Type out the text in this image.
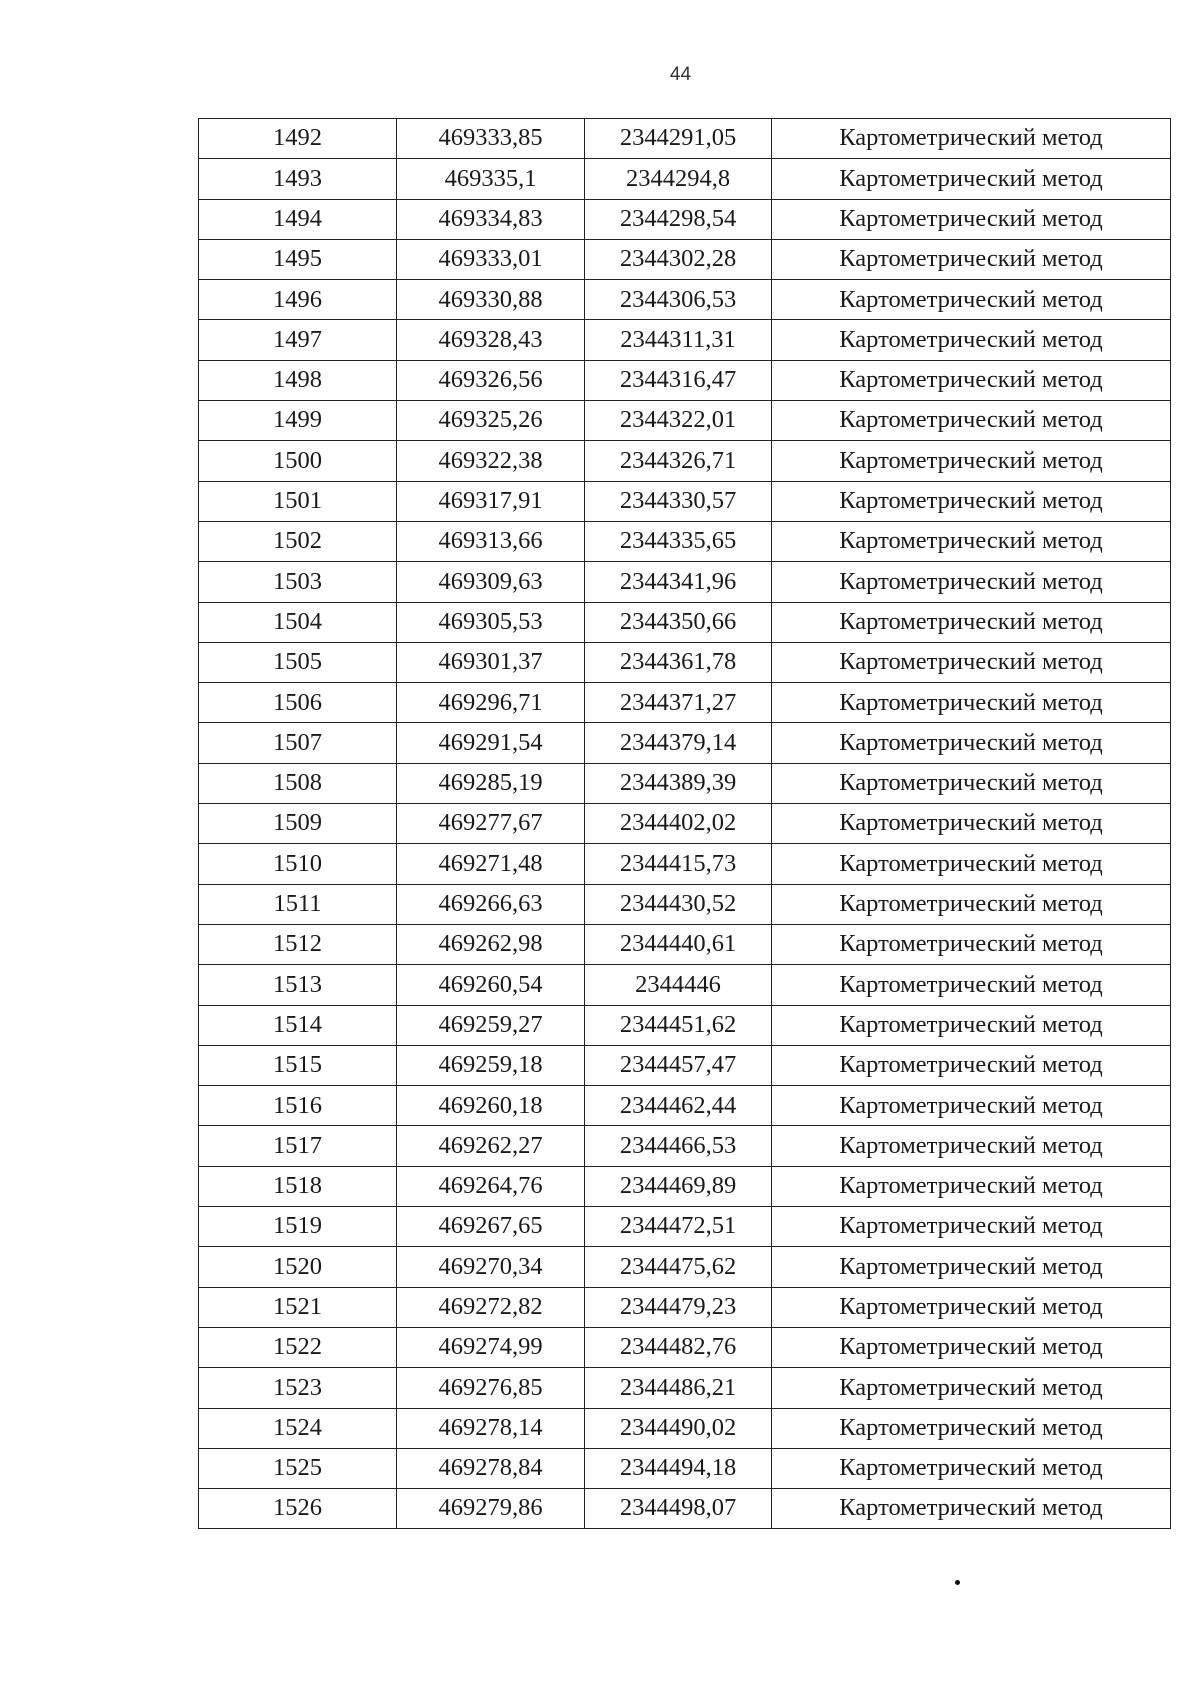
44
1492	469333,85	2344291,05	Картометрический метод
1493	469335,1	2344294,8	Картометрический метод
1494	469334,83	2344298,54	Картометрический метод
1495	469333,01	2344302,28	Картометрический метод
1496	469330,88	2344306,53	Картометрический метод
1497	469328,43	2344311,31	Картометрический метод
1498	469326,56	2344316,47	Картометрический метод
1499	469325,26	2344322,01	Картометрический метод
1500	469322,38	2344326,71	Картометрический метод
1501	469317,91	2344330,57	Картометрический метод
1502	469313,66	2344335,65	Картометрический метод
1503	469309,63	2344341,96	Картометрический метод
1504	469305,53	2344350,66	Картометрический метод
1505	469301,37	2344361,78	Картометрический метод
1506	469296,71	2344371,27	Картометрический метод
1507	469291,54	2344379,14	Картометрический метод
1508	469285,19	2344389,39	Картометрический метод
1509	469277,67	2344402,02	Картометрический метод
1510	469271,48	2344415,73	Картометрический метод
1511	469266,63	2344430,52	Картометрический метод
1512	469262,98	2344440,61	Картометрический метод
1513	469260,54	2344446	Картометрический метод
1514	469259,27	2344451,62	Картометрический метод
1515	469259,18	2344457,47	Картометрический метод
1516	469260,18	2344462,44	Картометрический метод
1517	469262,27	2344466,53	Картометрический метод
1518	469264,76	2344469,89	Картометрический метод
1519	469267,65	2344472,51	Картометрический метод
1520	469270,34	2344475,62	Картометрический метод
1521	469272,82	2344479,23	Картометрический метод
1522	469274,99	2344482,76	Картометрический метод
1523	469276,85	2344486,21	Картометрический метод
1524	469278,14	2344490,02	Картометрический метод
1525	469278,84	2344494,18	Картометрический метод
1526	469279,86	2344498,07	Картометрический метод
